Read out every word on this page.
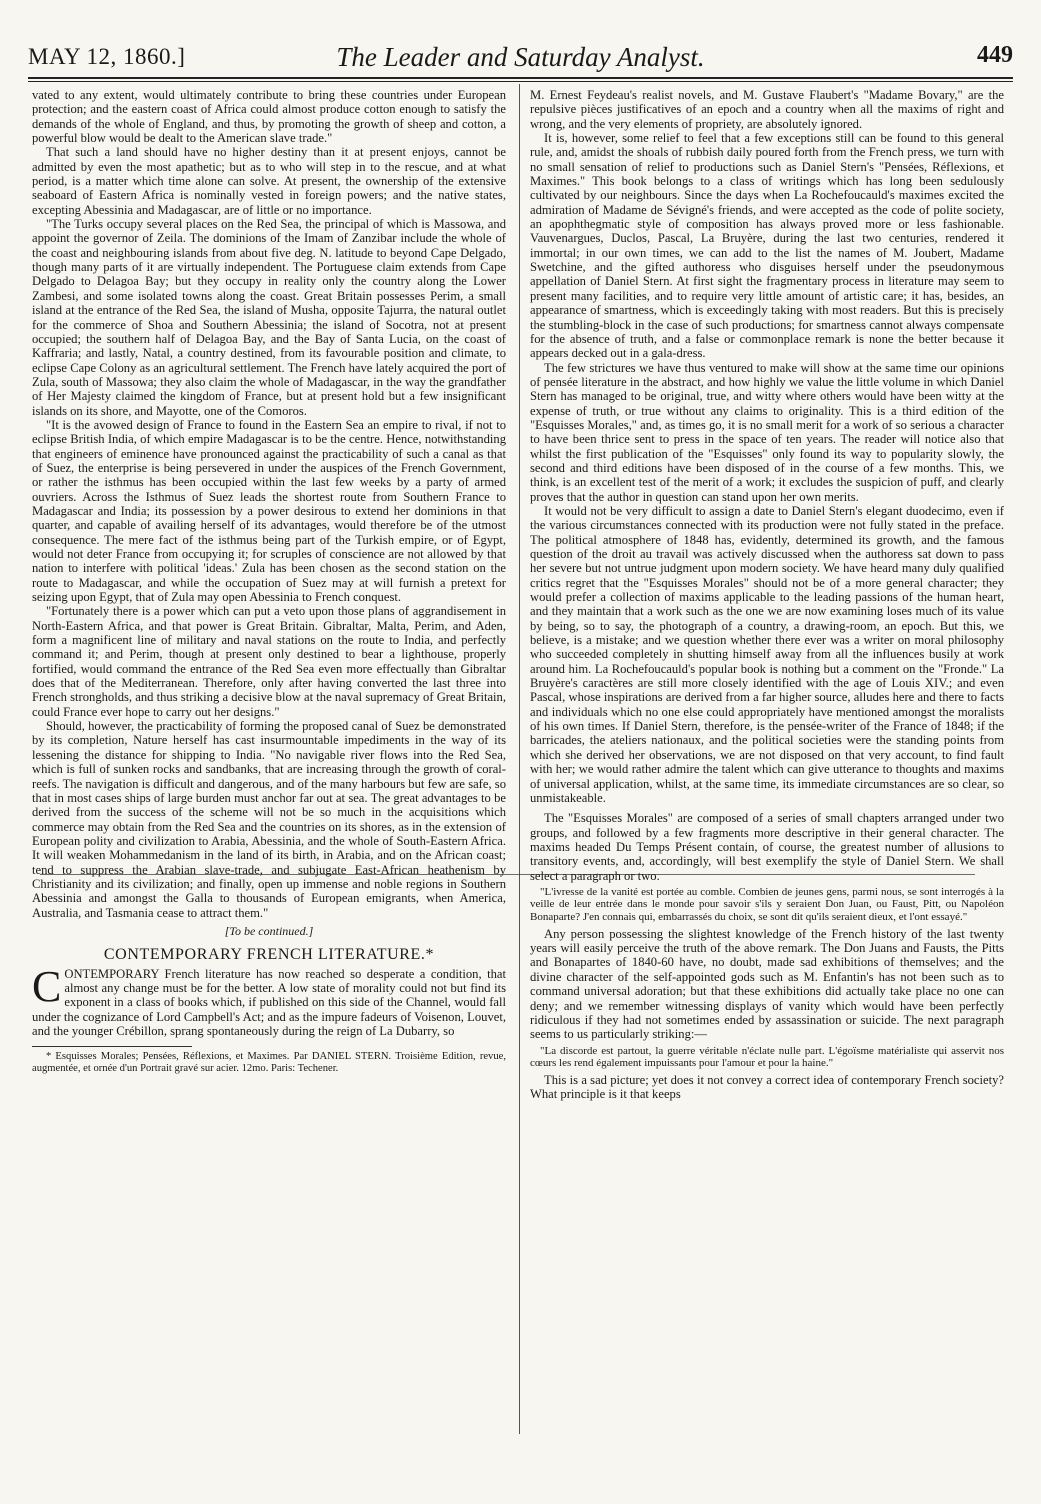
MAY 12, 1860.]	The Leader and Saturday Analyst.	449

vated to any extent, would ultimately contribute to bring these countries under European protection; and the eastern coast of Africa could almost produce cotton enough to satisfy the demands of the whole of England, and thus, by promoting the growth of sheep and cotton, a powerful blow would be dealt to the American slave trade."

That such a land should have no higher destiny than it at present enjoys, cannot be admitted by even the most apathetic; but as to who will step in to the rescue, and at what period, is a matter which time alone can solve. At present, the ownership of the extensive seaboard of Eastern Africa is nominally vested in foreign powers; and the native states, excepting Abessinia and Madagascar, are of little or no importance.

"The Turks occupy several places on the Red Sea, the principal of which is Massowa, and appoint the governor of Zeila. The dominions of the Imam of Zanzibar include the whole of the coast and neighbouring islands from about five deg. N. latitude to beyond Cape Delgado, though many parts of it are virtually independent. The Portuguese claim extends from Cape Delgado to Delagoa Bay; but they occupy in reality only the country along the Lower Zambesi, and some isolated towns along the coast. Great Britain possesses Perim, a small island at the entrance of the Red Sea, the island of Musha, opposite Tajurra, the natural outlet for the commerce of Shoa and Southern Abessinia; the island of Socotra, not at present occupied; the southern half of Delagoa Bay, and the Bay of Santa Lucia, on the coast of Kaffraria; and lastly, Natal, a country destined, from its favourable position and climate, to eclipse Cape Colony as an agricultural settlement. The French have lately acquired the port of Zula, south of Massowa; they also claim the whole of Madagascar, in the way the grandfather of Her Majesty claimed the kingdom of France, but at present hold but a few insignificant islands on its shore, and Mayotte, one of the Comoros.

"It is the avowed design of France to found in the Eastern Sea an empire to rival, if not to eclipse British India, of which empire Madagascar is to be the centre. Hence, notwithstanding that engineers of eminence have pronounced against the practicability of such a canal as that of Suez, the enterprise is being persevered in under the auspices of the French Government, or rather the isthmus has been occupied within the last few weeks by a party of armed ouvriers. Across the Isthmus of Suez leads the shortest route from Southern France to Madagascar and India; its possession by a power desirous to extend her dominions in that quarter, and capable of availing herself of its advantages, would therefore be of the utmost consequence. The mere fact of the isthmus being part of the Turkish empire, or of Egypt, would not deter France from occupying it; for scruples of conscience are not allowed by that nation to interfere with political 'ideas.' Zula has been chosen as the second station on the route to Madagascar, and while the occupation of Suez may at will furnish a pretext for seizing upon Egypt, that of Zula may open Abessinia to French conquest.

"Fortunately there is a power which can put a veto upon those plans of aggrandisement in North-Eastern Africa, and that power is Great Britain. Gibraltar, Malta, Perim, and Aden, form a magnificent line of military and naval stations on the route to India, and perfectly command it; and Perim, though at present only destined to bear a lighthouse, properly fortified, would command the entrance of the Red Sea even more effectually than Gibraltar does that of the Mediterranean. Therefore, only after having converted the last three into French strongholds, and thus striking a decisive blow at the naval supremacy of Great Britain, could France ever hope to carry out her designs."

Should, however, the practicability of forming the proposed canal of Suez be demonstrated by its completion, Nature herself has cast insurmountable impediments in the way of its lessening the distance for shipping to India. "No navigable river flows into the Red Sea, which is full of sunken rocks and sandbanks, that are increasing through the growth of coral-reefs. The navigation is difficult and dangerous, and of the many harbours but few are safe, so that in most cases ships of large burden must anchor far out at sea. The great advantages to be derived from the success of the scheme will not be so much in the acquisitions which commerce may obtain from the Red Sea and the countries on its shores, as in the extension of European polity and civilization to Arabia, Abessinia, and the whole of South-Eastern Africa. It will weaken Mohammedanism in the land of its birth, in Arabia, and on the African coast; tend to suppress the Arabian slave-trade, and subjugate East-African heathenism by Christianity and its civilization; and finally, open up immense and noble regions in Southern Abessinia and amongst the Galla to thousands of European emigrants, when America, Australia, and Tasmania cease to attract them."

[To be continued.]
CONTEMPORARY FRENCH LITERATURE.*

CONTEMPORARY French literature has now reached so desperate a condition, that almost any change must be for the better. A low state of morality could not but find its exponent in a class of books which, if published on this side of the Channel, would fall under the cognizance of Lord Campbell's Act; and as the impure fadeurs of Voisenon, Louvet, and the younger Crébillon, sprang spontaneously during the reign of La Dubarry, so

* Esquisses Morales; Pensées, Réflexions, et Maximes. Par DANIEL STERN. Troisième Edition, revue, augmentée, et ornée d'un Portrait gravé sur acier. 12mo. Paris: Techener.

M. Ernest Feydeau's realist novels, and M. Gustave Flaubert's "Madame Bovary," are the repulsive pièces justificatives of an epoch and a country when all the maxims of right and wrong, and the very elements of propriety, are absolutely ignored.

It is, however, some relief to feel that a few exceptions still can be found to this general rule, and, amidst the shoals of rubbish daily poured forth from the French press, we turn with no small sensation of relief to productions such as Daniel Stern's "Pensées, Réflexions, et Maximes." This book belongs to a class of writings which has long been sedulously cultivated by our neighbours. Since the days when La Rochefoucauld's maximes excited the admiration of Madame de Sévigné's friends, and were accepted as the code of polite society, an apophthegmatic style of composition has always proved more or less fashionable. Vauvenargues, Duclos, Pascal, La Bruyère, during the last two centuries, rendered it immortal; in our own times, we can add to the list the names of M. Joubert, Madame Swetchine, and the gifted authoress who disguises herself under the pseudonymous appellation of Daniel Stern. At first sight the fragmentary process in literature may seem to present many facilities, and to require very little amount of artistic care; it has, besides, an appearance of smartness, which is exceedingly taking with most readers. But this is precisely the stumbling-block in the case of such productions; for smartness cannot always compensate for the absence of truth, and a false or commonplace remark is none the better because it appears decked out in a gala-dress.

The few strictures we have thus ventured to make will show at the same time our opinions of pensée literature in the abstract, and how highly we value the little volume in which Daniel Stern has managed to be original, true, and witty where others would have been witty at the expense of truth, or true without any claims to originality. This is a third edition of the "Esquisses Morales," and, as times go, it is no small merit for a work of so serious a character to have been thrice sent to press in the space of ten years. The reader will notice also that whilst the first publication of the "Esquisses" only found its way to popularity slowly, the second and third editions have been disposed of in the course of a few months. This, we think, is an excellent test of the merit of a work; it excludes the suspicion of puff, and clearly proves that the author in question can stand upon her own merits.

It would not be very difficult to assign a date to Daniel Stern's elegant duodecimo, even if the various circumstances connected with its production were not fully stated in the preface. The political atmosphere of 1848 has, evidently, determined its growth, and the famous question of the droit au travail was actively discussed when the authoress sat down to pass her severe but not untrue judgment upon modern society. We have heard many duly qualified critics regret that the "Esquisses Morales" should not be of a more general character; they would prefer a collection of maxims applicable to the leading passions of the human heart, and they maintain that a work such as the one we are now examining loses much of its value by being, so to say, the photograph of a country, a drawing-room, an epoch. But this, we believe, is a mistake; and we question whether there ever was a writer on moral philosophy who succeeded completely in shutting himself away from all the influences busily at work around him. La Rochefoucauld's popular book is nothing but a comment on the "Fronde." La Bruyère's caractères are still more closely identified with the age of Louis XIV.; and even Pascal, whose inspirations are derived from a far higher source, alludes here and there to facts and individuals which no one else could appropriately have mentioned amongst the moralists of his own times. If Daniel Stern, therefore, is the pensée-writer of the France of 1848; if the barricades, the ateliers nationaux, and the political societies were the standing points from which she derived her observations, we are not disposed on that very account, to find fault with her; we would rather admire the talent which can give utterance to thoughts and maxims of universal application, whilst, at the same time, its immediate circumstances are so clear, so unmistakeable.

The "Esquisses Morales" are composed of a series of small chapters arranged under two groups, and followed by a few fragments more descriptive in their general character. The maxims headed Du Temps Présent contain, of course, the greatest number of allusions to transitory events, and, accordingly, will best exemplify the style of Daniel Stern. We shall select a paragraph or two.

"L'ivresse de la vanité est portée au comble. Combien de jeunes gens, parmi nous, se sont interrogés à la veille de leur entrée dans le monde pour savoir s'ils y seraient Don Juan, ou Faust, Pitt, ou Napoléon Bonaparte? J'en connais qui, embarrassés du choix, se sont dit qu'ils seraient dieux, et l'ont essayé."

Any person possessing the slightest knowledge of the French history of the last twenty years will easily perceive the truth of the above remark. The Don Juans and Fausts, the Pitts and Bonapartes of 1840-60 have, no doubt, made sad exhibitions of themselves; and the divine character of the self-appointed gods such as M. Enfantin's has not been such as to command universal adoration; but that these exhibitions did actually take place no one can deny; and we remember witnessing displays of vanity which would have been perfectly ridiculous if they had not sometimes ended by assassination or suicide. The next paragraph seems to us particularly striking:—

"La discorde est partout, la guerre véritable n'éclate nulle part. L'égoïsme matérialiste qui asservit nos cœurs les rend également impuissants pour l'amour et pour la haine."

This is a sad picture; yet does it not convey a correct idea of contemporary French society? What principle is it that keeps
